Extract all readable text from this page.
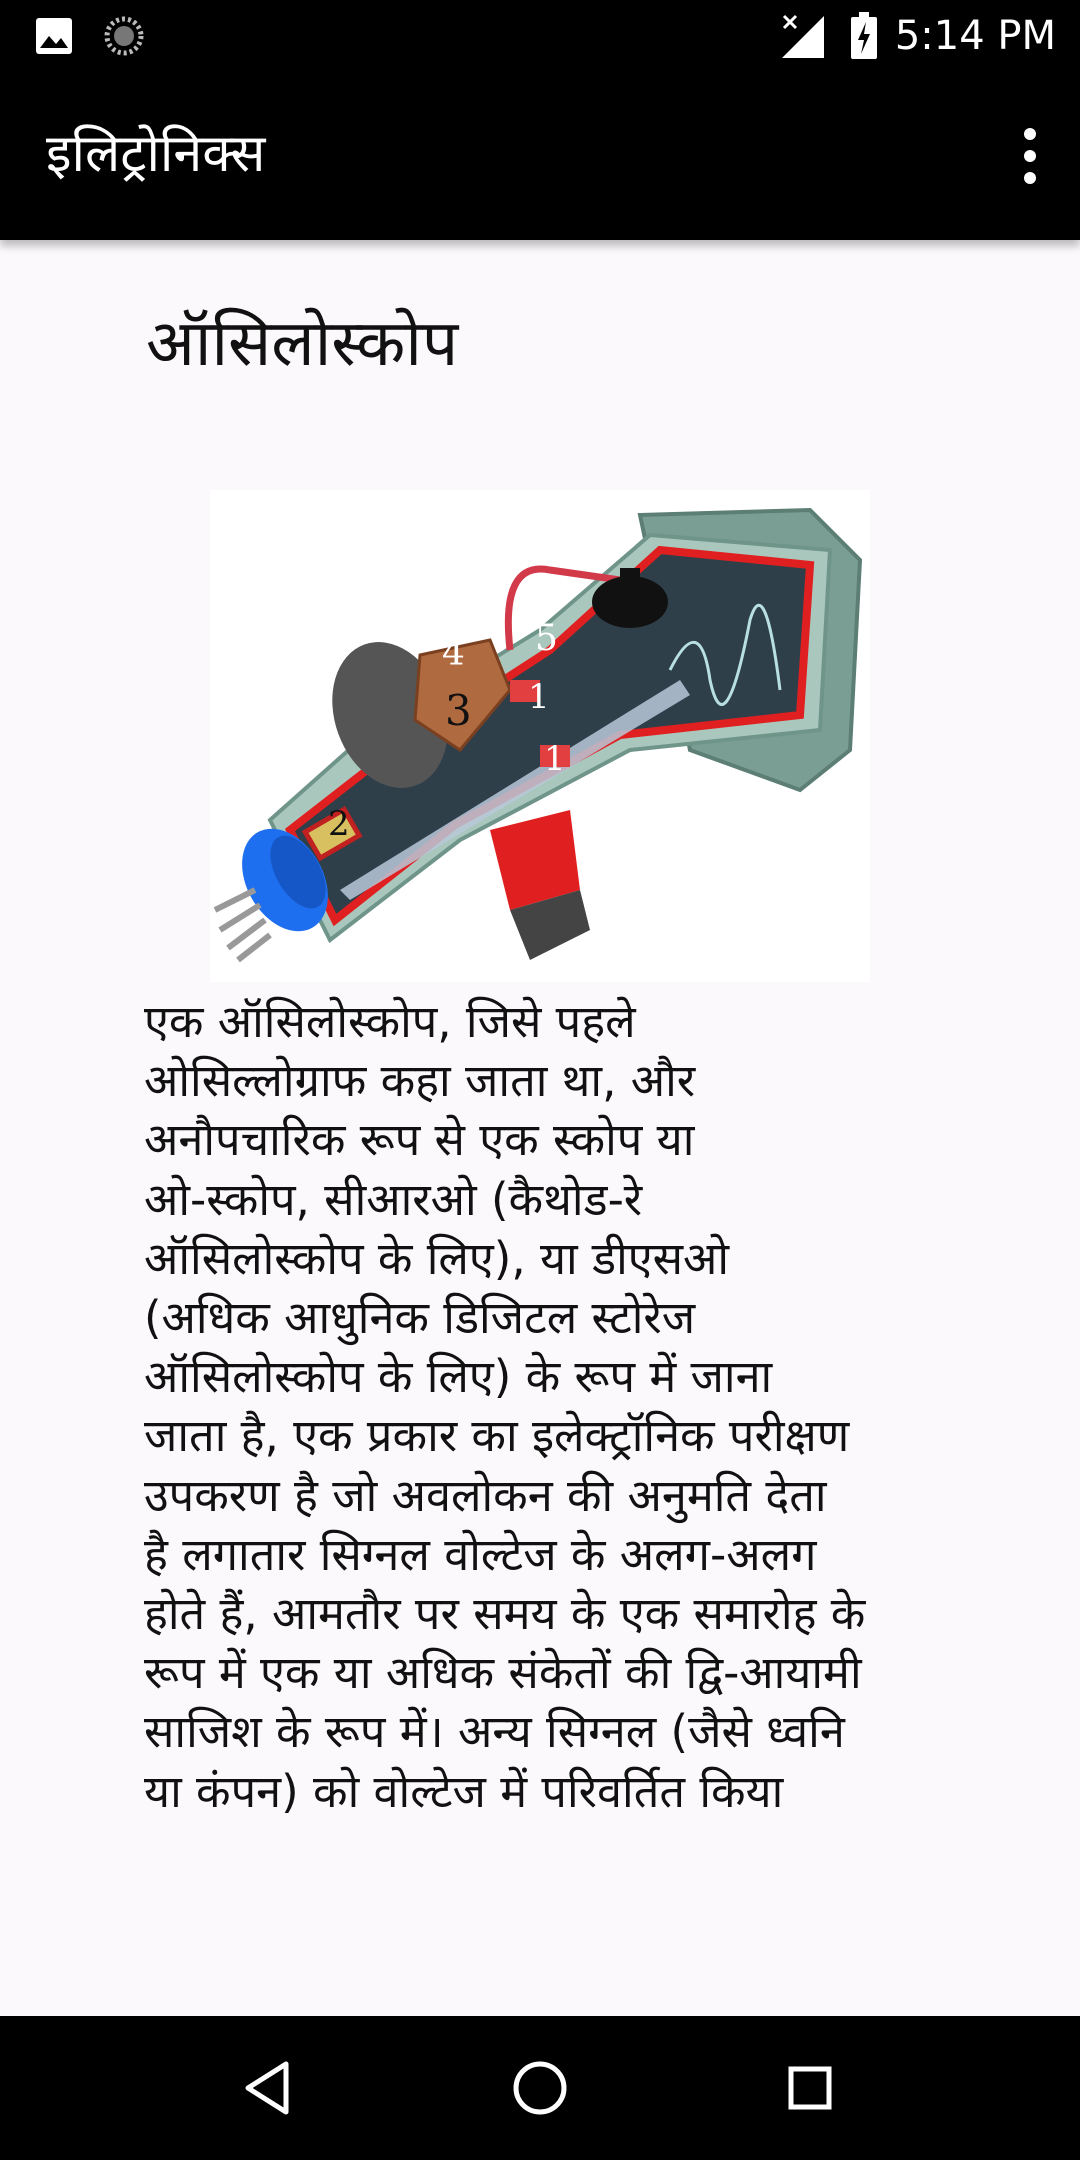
5:14 PM
इलिट्रोनिक्स
ऑसिलोस्कोप
3
5
4
1
1
2
एक ऑसिलोस्कोप, जिसे पहले
ओसिल्लोग्राफ कहा जाता था, और
अनौपचारिक रूप से एक स्कोप या
ओ-स्कोप, सीआरओ (कैथोड-रे
ऑसिलोस्कोप के लिए), या डीएसओ
(अधिक आधुनिक डिजिटल स्टोरेज
ऑसिलोस्कोप के लिए) के रूप में जाना
जाता है, एक प्रकार का इलेक्ट्रॉनिक परीक्षण
उपकरण है जो अवलोकन की अनुमति देता
है लगातार सिग्नल वोल्टेज के अलग-अलग
होते हैं, आमतौर पर समय के एक समारोह के
रूप में एक या अधिक संकेतों की द्वि-आयामी
साजिश के रूप में। अन्य सिग्नल (जैसे ध्वनि
या कंपन) को वोल्टेज में परिवर्तित किया
